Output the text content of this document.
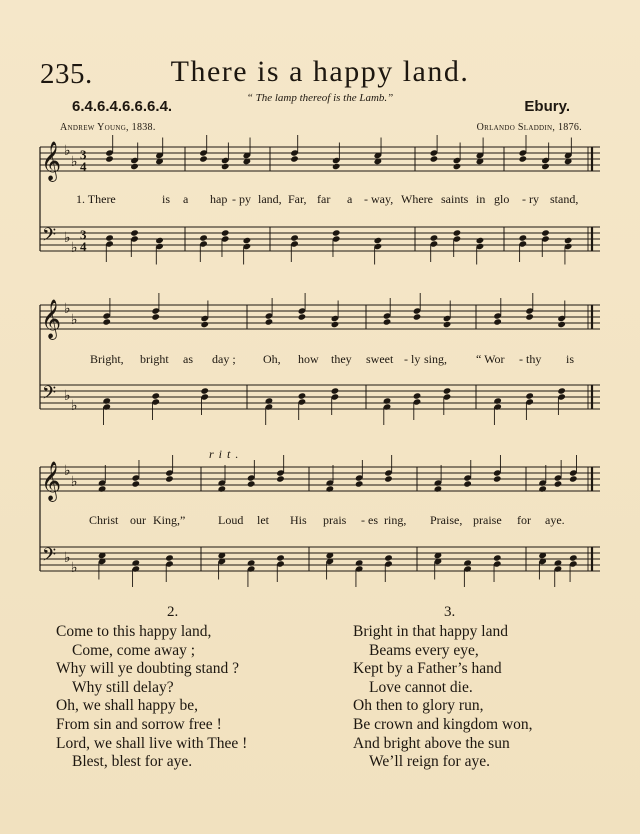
235.	There is a happy land.
6.4.6.4.6.6.6.4.	“ The lamp thereof is the Lamb.”	Ebury.
Andrew Young, 1838.	Orlando Sladdin, 1876.
𝄞 ♭
♭
3
4
𝄢 ♭
♭
3
4
𝄞 ♭
♭
𝄢 ♭
♭
𝄞 ♭
♭
𝄢 ♭
♭
1. There	is a hap - py land, Far, far a - way, Where saints in glo - ry stand,
Bright, bright as day ; Oh, how they sweet - ly sing, “ Wor - thy is
Christ our King,”	Loud let His prais - es ring, Praise, praise for aye.
rit.
2.
Come to this happy land,
Come, come away ;
Why will ye doubting stand ?
Why still delay?
Oh, we shall happy be,
From sin and sorrow free !
Lord, we shall live with Thee !
Blest, blest for aye.
3.
Bright in that happy land
Beams every eye,
Kept by a Father’s hand
Love cannot die.
Oh then to glory run,
Be crown and kingdom won,
And bright above the sun
We’ll reign for aye.
